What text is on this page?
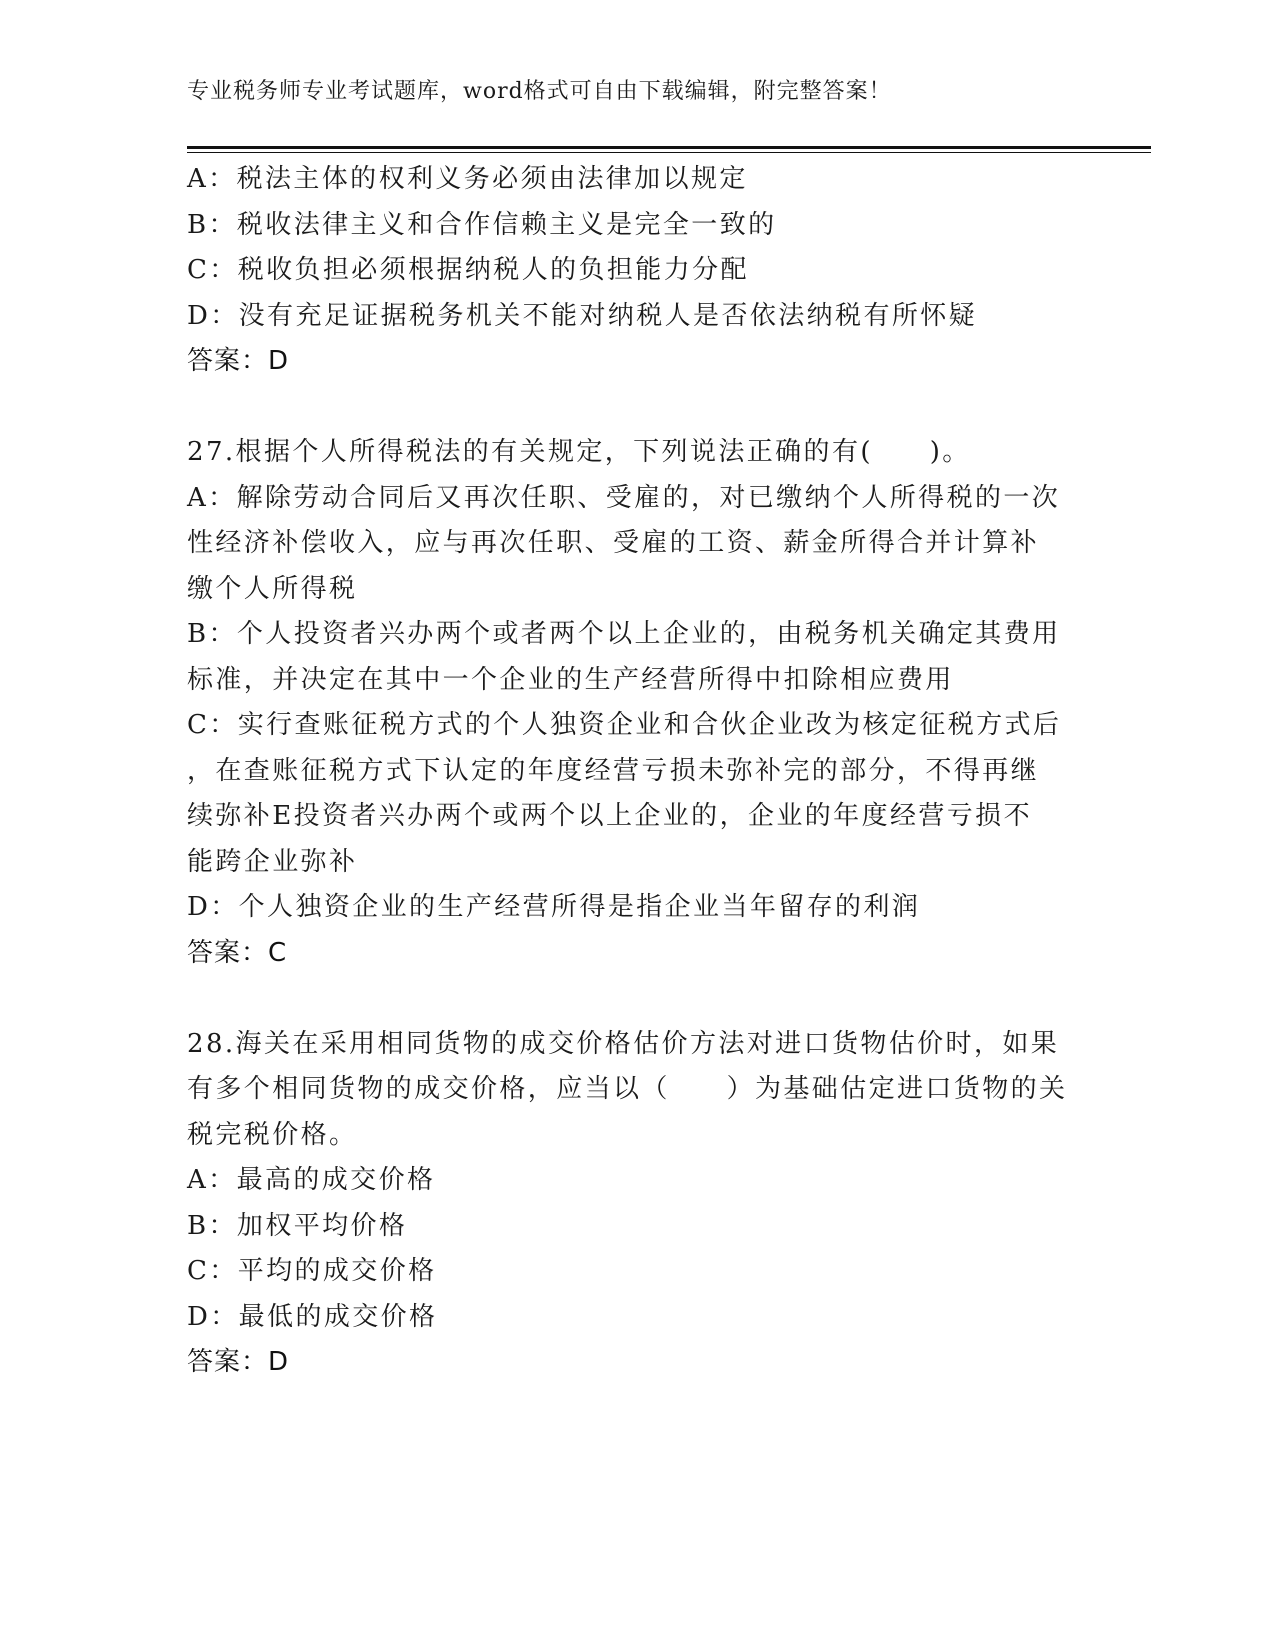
专业税务师专业考试题库，word格式可自由下载编辑，附完整答案！
A：税法主体的权利义务必须由法律加以规定
B：税收法律主义和合作信赖主义是完全一致的
C：税收负担必须根据纳税人的负担能力分配
D：没有充足证据税务机关不能对纳税人是否依法纳税有所怀疑
答案：D
27.根据个人所得税法的有关规定，下列说法正确的有(　　)。
A：解除劳动合同后又再次任职、受雇的，对已缴纳个人所得税的一次
性经济补偿收入，应与再次任职、受雇的工资、薪金所得合并计算补
缴个人所得税
B：个人投资者兴办两个或者两个以上企业的，由税务机关确定其费用
标准，并决定在其中一个企业的生产经营所得中扣除相应费用
C：实行查账征税方式的个人独资企业和合伙企业改为核定征税方式后
，在查账征税方式下认定的年度经营亏损未弥补完的部分，不得再继
续弥补E投资者兴办两个或两个以上企业的，企业的年度经营亏损不
能跨企业弥补
D：个人独资企业的生产经营所得是指企业当年留存的利润
答案：C
28.海关在采用相同货物的成交价格估价方法对进口货物估价时，如果
有多个相同货物的成交价格，应当以（　　）为基础估定进口货物的关
税完税价格。
A：最高的成交价格
B：加权平均价格
C：平均的成交价格
D：最低的成交价格
答案：D
